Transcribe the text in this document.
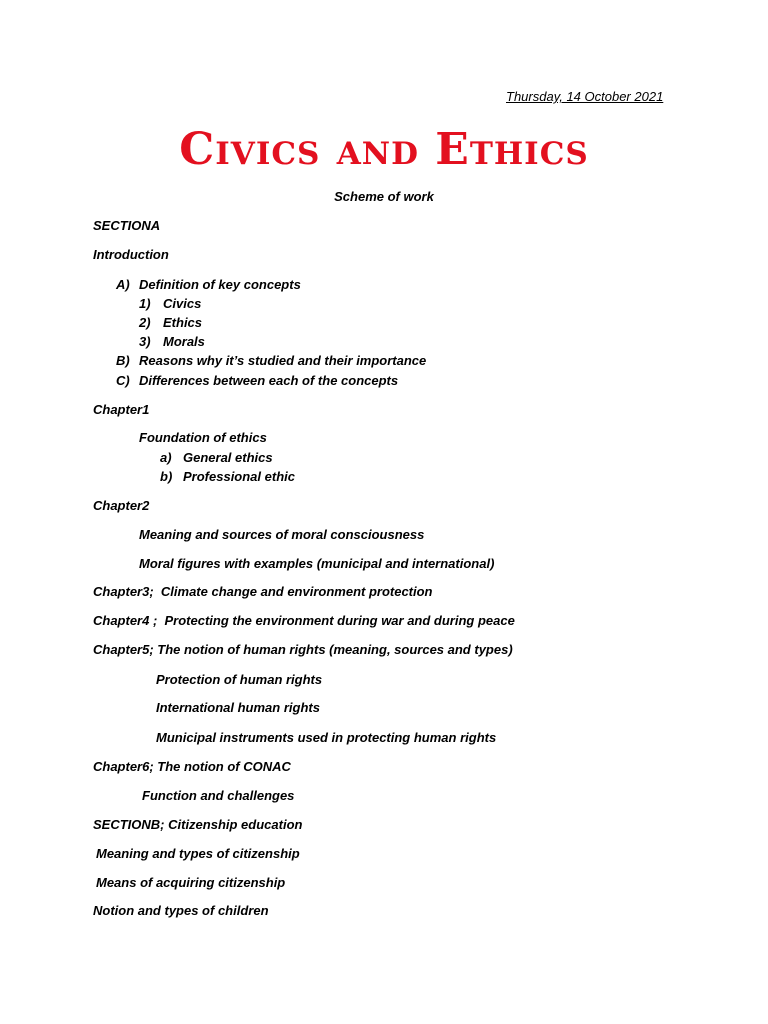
Thursday, 14 October 2021
Civics and Ethics
Scheme of work
SECTIONA
Introduction
A) Definition of key concepts
1) Civics
2) Ethics
3) Morals
B) Reasons why it’s studied and their importance
C) Differences between each of the concepts
Chapter1
Foundation of ethics
a) General ethics
b) Professional ethic
Chapter2
Meaning and sources of moral consciousness
Moral figures with examples (municipal and international)
Chapter3;  Climate change and environment protection
Chapter4 ;  Protecting the environment during war and during peace
Chapter5; The notion of human rights (meaning, sources and types)
Protection of human rights
International human rights
Municipal instruments used in protecting human rights
Chapter6; The notion of CONAC
Function and challenges
SECTIONB; Citizenship education
Meaning and types of citizenship
Means of acquiring citizenship
Notion and types of children
